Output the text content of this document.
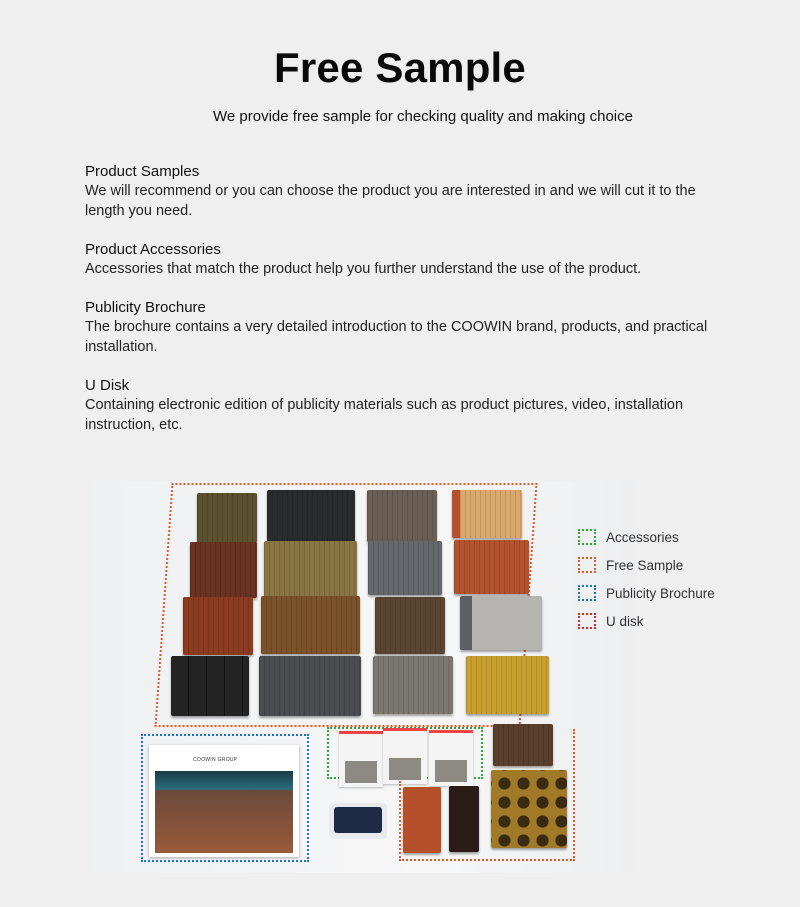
Free Sample
We provide free sample for checking quality and making choice
Product Samples

We will recommend or you can choose the product you are interested in and we will cut it to the length you need.

Product Accessories

Accessories that match the product help you further understand the use of the product.

Publicity Brochure

The brochure contains a very detailed introduction to the COOWIN brand, products, and practical installation.

U Disk

Containing electronic edition of publicity materials such as product pictures, video, installation instruction, etc.

COOWIN GROUP
Accessories
Free Sample
Publicity Brochure
U disk
